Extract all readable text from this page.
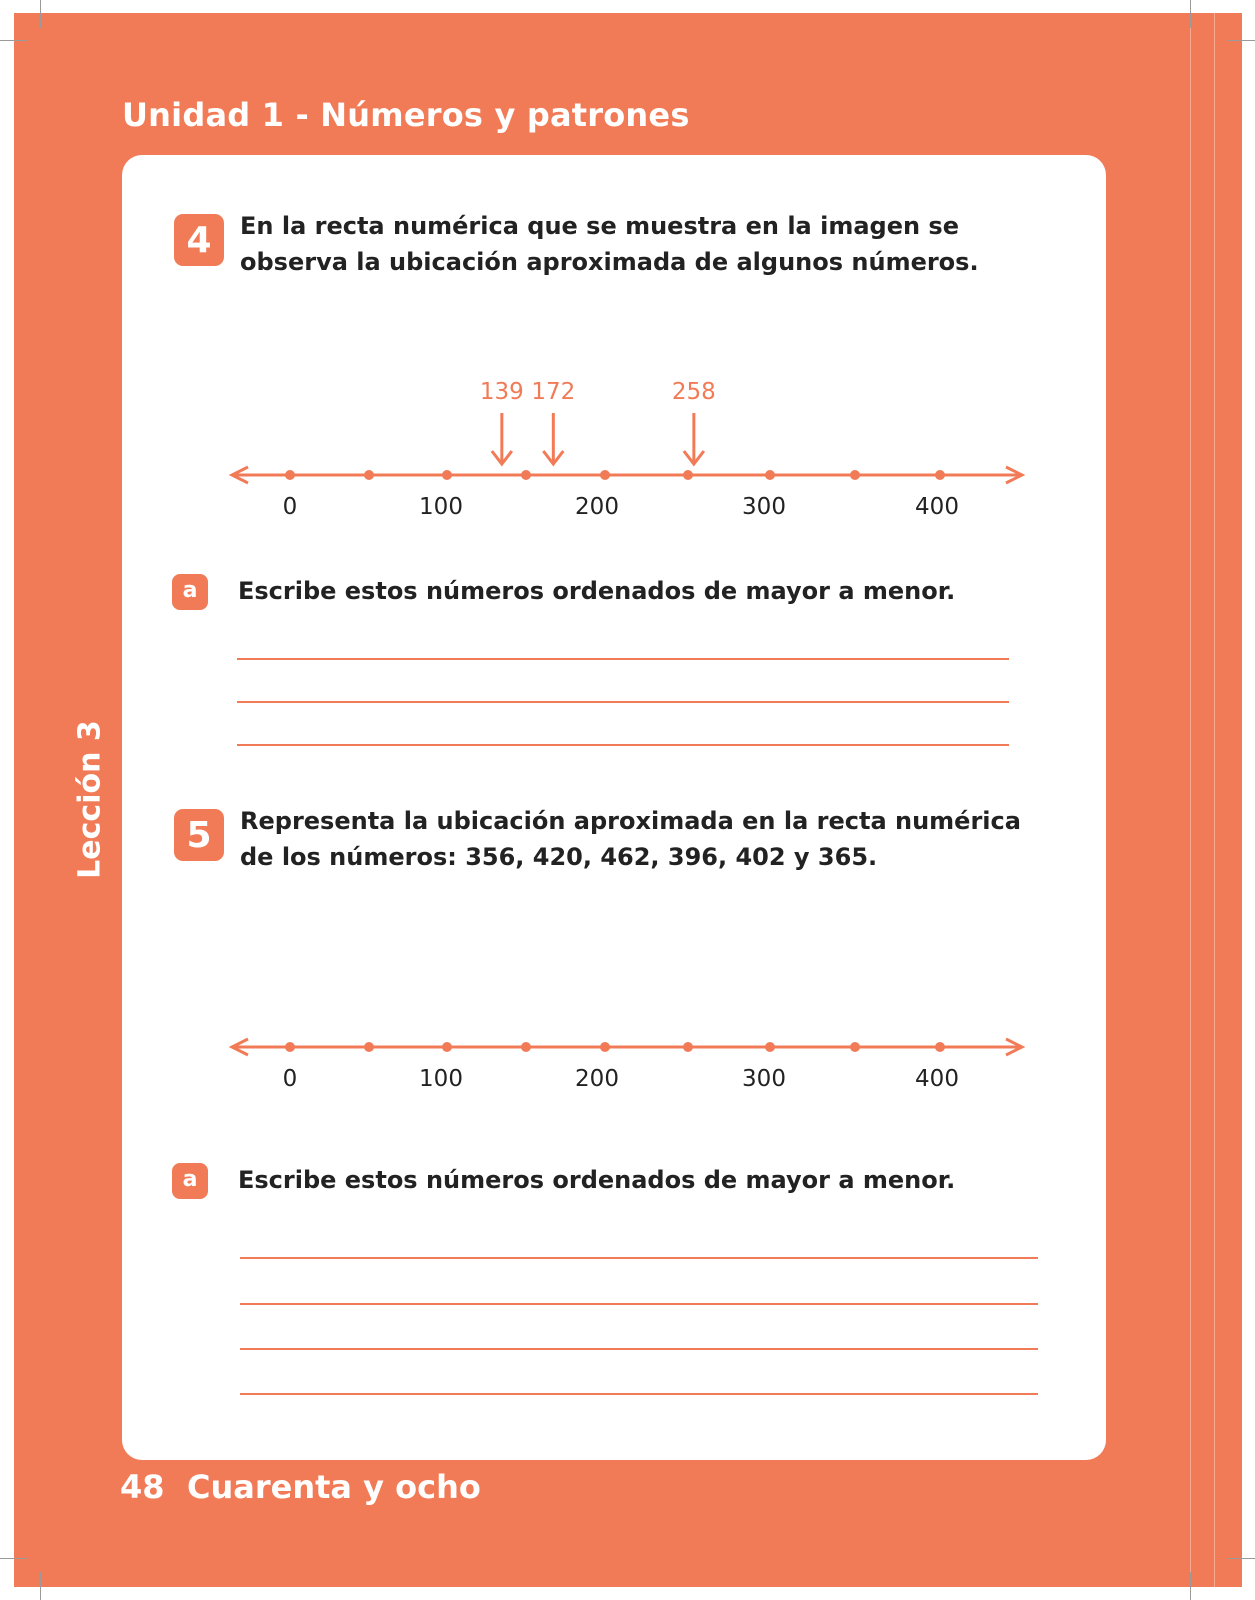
Unidad 1 - Números y patrones
Lección 3
4	En la recta numérica que se muestra en la imagen se
observa la ubicación aproximada de algunos números.

0	100	200	300	400
139 172	258
a	Escribe estos números ordenados de mayor a menor.

5	Representa la ubicación aproximada en la recta numérica
de los números: 356, 420, 462, 396, 402 y 365.

0	100	200	300	400
a	Escribe estos números ordenados de mayor a menor.

48 Cuarenta y ocho
